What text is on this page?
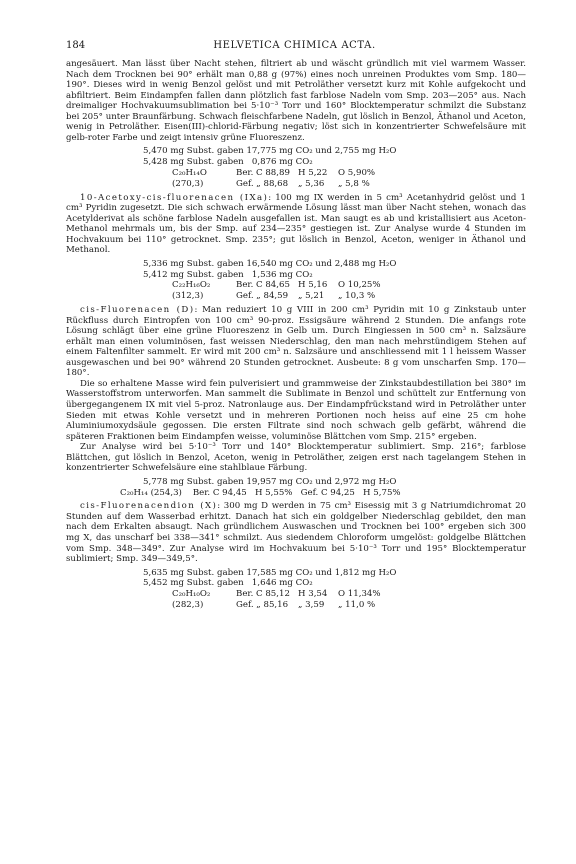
184	HELVETICA CHIMICA ACTA.

angesäuert. Man lässt über Nacht stehen, filtriert ab und wäscht gründlich mit viel warmem Wasser. Nach dem Trocknen bei 90° erhält man 0,88 g (97%) eines noch unreinen Produktes vom Smp. 180—190°. Dieses wird in wenig Benzol gelöst und mit Petroläther versetzt kurz mit Kohle aufgekocht und abfiltriert. Beim Eindampfen fallen dann plötzlich fast farblose Nadeln vom Smp. 203—205° aus. Nach dreimaliger Hochvakuumsublimation bei 5·10⁻³ Torr und 160° Blocktemperatur schmilzt die Substanz bei 205° unter Braunfärbung. Schwach fleischfarbene Nadeln, gut löslich in Benzol, Äthanol und Aceton, wenig in Petroläther. Eisen(III)-chlorid-Färbung negativ; löst sich in konzentrierter Schwefelsäure mit gelb-roter Farbe und zeigt intensiv grüne Fluoreszenz.

5,470 mg Subst. gaben 17,775 mg CO₂ und 2,755 mg H₂O
5,428 mg Subst. gaben   0,876 mg CO₂
C₂₀H₁₄O	Ber. C 88,89 H 5,22	O 5,90%
(270,3)	Gef. „ 88,68	„ 5,36	„ 5,8 %

10-Acetoxy-cis-fluorenacen (IXa): 100 mg IX werden in 5 cm³ Acetanhydrid gelöst und 1 cm³ Pyridin zugesetzt. Die sich schwach erwärmende Lösung lässt man über Nacht stehen, wonach das Acetylderivat als schöne farblose Nadeln ausgefallen ist. Man saugt es ab und kristallisiert aus Aceton-Methanol mehrmals um, bis der Smp. auf 234—235° gestiegen ist. Zur Analyse wurde 4 Stunden im Hochvakuum bei 110° getrocknet. Smp. 235°; gut löslich in Benzol, Aceton, weniger in Äthanol und Methanol.

5,336 mg Subst. gaben 16,540 mg CO₂ und 2,488 mg H₂O
5,412 mg Subst. gaben   1,536 mg CO₂
C₂₂H₁₆O₂	Ber. C 84,65 H 5,16	O 10,25%
(312,3)	Gef. „ 84,59	„ 5,21	„ 10,3 %

cis-Fluorenacen (D): Man reduziert 10 g VIII in 200 cm³ Pyridin mit 10 g Zinkstaub unter Rückfluss durch Eintropfen von 100 cm³ 90-proz. Essigsäure während 2 Stunden. Die anfangs rote Lösung schlägt über eine grüne Fluoreszenz in Gelb um. Durch Eingiessen in 500 cm³ n. Salzsäure erhält man einen voluminösen, fast weissen Niederschlag, den man nach mehrstündigem Stehen auf einem Faltenfilter sammelt. Er wird mit 200 cm³ n. Salzsäure und anschliessend mit 1 l heissem Wasser ausgewaschen und bei 90° während 20 Stunden getrocknet. Ausbeute: 8 g vom unscharfen Smp. 170—180°.

Die so erhaltene Masse wird fein pulverisiert und grammweise der Zinkstaubdestillation bei 380° im Wasserstoffstrom unterworfen. Man sammelt die Sublimate in Benzol und schüttelt zur Entfernung von übergegangenem IX mit viel 5-proz. Natronlauge aus. Der Eindampfrückstand wird in Petroläther unter Sieden mit etwas Kohle versetzt und in mehreren Portionen noch heiss auf eine 25 cm hohe Aluminiumoxydsäule gegossen. Die ersten Filtrate sind noch schwach gelb gefärbt, während die späteren Fraktionen beim Eindampfen weisse, voluminöse Blättchen vom Smp. 215° ergeben.

Zur Analyse wird bei 5·10⁻³ Torr und 140° Blocktemperatur sublimiert. Smp. 216°; farblose Blättchen, gut löslich in Benzol, Aceton, wenig in Petroläther, zeigen erst nach tagelangem Stehen in konzentrierter Schwefelsäure eine stahlblaue Färbung.

5,778 mg Subst. gaben 19,957 mg CO₂ und 2,972 mg H₂O
C₂₀H₁₄ (254,3)    Ber. C 94,45   H 5,55%   Gef. C 94,25   H 5,75%

cis-Fluorenacendion (X): 300 mg D werden in 75 cm³ Eisessig mit 3 g Natriumdichromat 20 Stunden auf dem Wasserbad erhitzt. Danach hat sich ein goldgelber Niederschlag gebildet, den man nach dem Erkalten absaugt. Nach gründlichem Auswaschen und Trocknen bei 100° ergeben sich 300 mg X, das unscharf bei 338—341° schmilzt. Aus siedendem Chloroform umgelöst: goldgelbe Blättchen vom Smp. 348—349°. Zur Analyse wird im Hochvakuum bei 5·10⁻³ Torr und 195° Blocktemperatur sublimiert; Smp. 349—349,5°.

5,635 mg Subst. gaben 17,585 mg CO₂ und 1,812 mg H₂O
5,452 mg Subst. gaben   1,646 mg CO₂
C₂₀H₁₀O₂	Ber. C 85,12 H 3,54	O 11,34%
(282,3)	Gef. „ 85,16	„ 3,59	„ 11,0 %
